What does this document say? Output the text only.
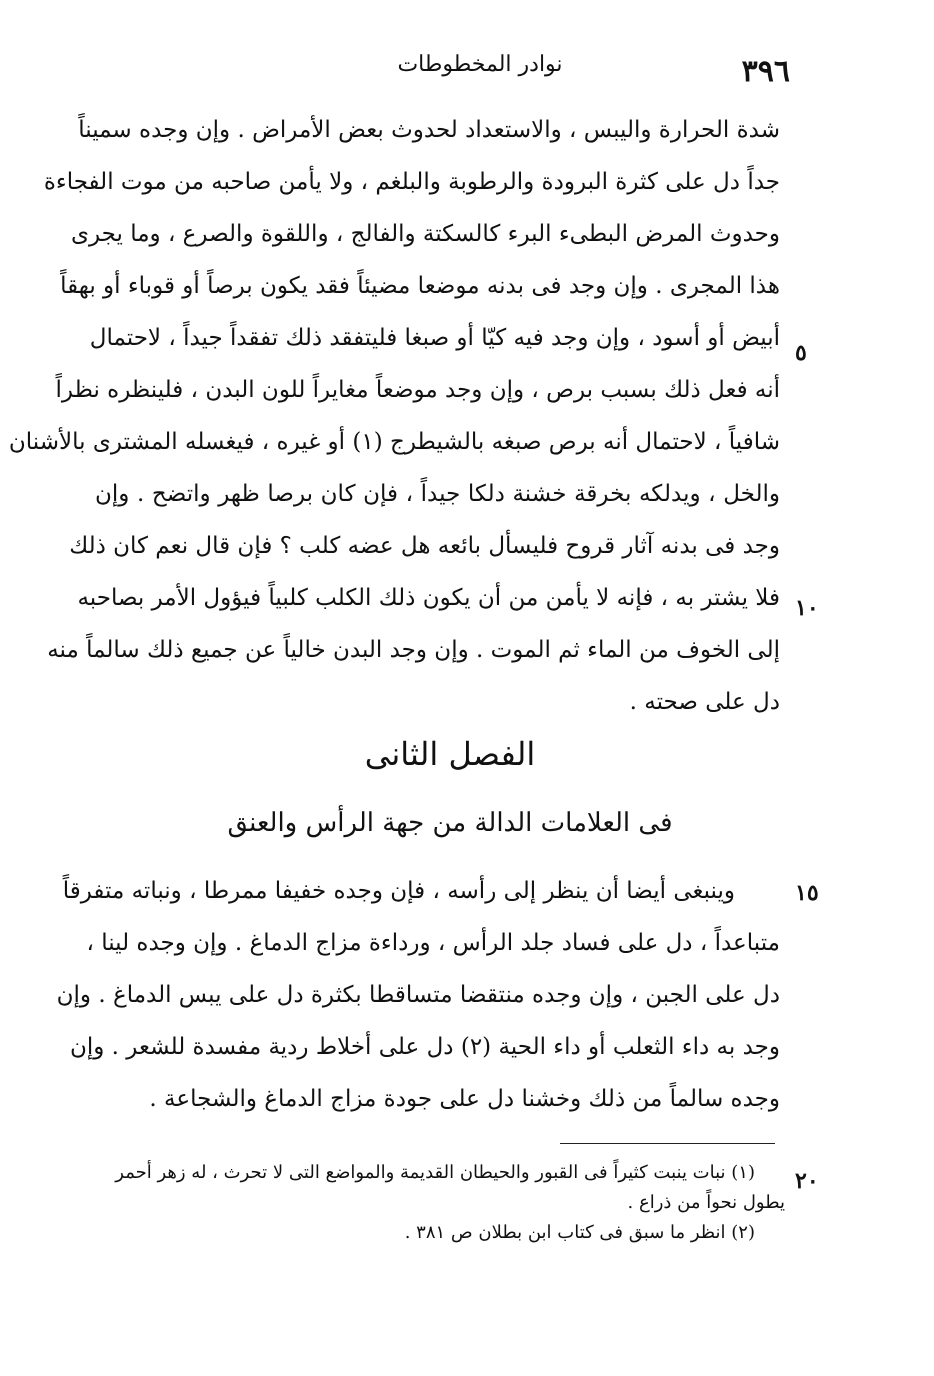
نوادر المخطوطات	٣٩٦
شدة الحرارة واليبس ، والاستعداد لحدوث بعض الأمراض . وإن وجده سميناً
جداً دل على كثرة البرودة والرطوبة والبلغم ، ولا يأمن صاحبه من موت الفجاءة
وحدوث المرض البطىء البرء كالسكتة والفالج ، واللقوة والصرع ، وما يجرى
هذا المجرى . وإن وجد فى بدنه موضعا مضيئاً فقد يكون برصاً أو قوباء أو بهقاً
أبيض أو أسود ، وإن وجد فيه كيّا أو صبغا فليتفقد ذلك تفقداً جيداً ، لاحتمال
أنه فعل ذلك بسبب برص ، وإن وجد موضعاً مغايراً للون البدن ، فلينظره نظراً
شافياً ، لاحتمال أنه برص صبغه بالشيطرج (١) أو غيره ، فيغسله المشترى بالأشنان
والخل ، ويدلكه بخرقة خشنة دلكا جيداً ، فإن كان برصا ظهر واتضح . وإن
وجد فى بدنه آثار قروح فليسأل بائعه هل عضه كلب ؟ فإن قال نعم كان ذلك
فلا يشتر به ، فإنه لا يأمن من أن يكون ذلك الكلب كلبياً فيؤول الأمر بصاحبه
إلى الخوف من الماء ثم الموت . وإن وجد البدن خالياً عن جميع ذلك سالماً منه
دل على صحته .
٥
١٠
١٥
٢٠
الفصل الثانى
فى العلامات الدالة من جهة الرأس والعنق
وينبغى أيضا أن ينظر إلى رأسه ، فإن وجده خفيفا ممرطا ، ونباته متفرقاً
متباعداً ، دل على فساد جلد الرأس ، ورداءة مزاج الدماغ . وإن وجده لينا ،
دل على الجبن ، وإن وجده منتقضا متساقطا بكثرة دل على يبس الدماغ . وإن
وجد به داء الثعلب أو داء الحية (٢) دل على أخلاط ردية مفسدة للشعر . وإن
وجده سالماً من ذلك وخشنا دل على جودة مزاج الدماغ والشجاعة .
(١) نبات ينبت كثيراً فى القبور والحيطان القديمة والمواضع التى لا تحرث ، له زهر أحمر
يطول نحواً من ذراع .
(٢) انظر ما سبق فى كتاب ابن بطلان ص ٣٨١ .
